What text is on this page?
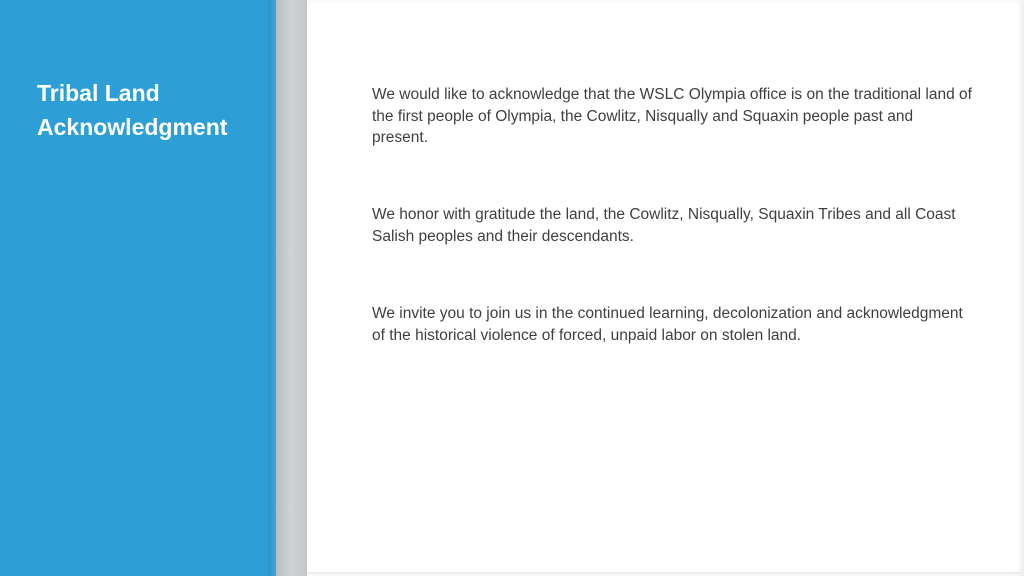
Tribal Land Acknowledgment

We would like to acknowledge that the WSLC Olympia office is on the traditional land of the first people of Olympia, the Cowlitz, Nisqually and Squaxin people past and present.

We honor with gratitude the land, the Cowlitz, Nisqually, Squaxin Tribes and all Coast Salish peoples and their descendants.

We invite you to join us in the continued learning, decolonization and acknowledgment of the historical violence of forced, unpaid labor on stolen land.
